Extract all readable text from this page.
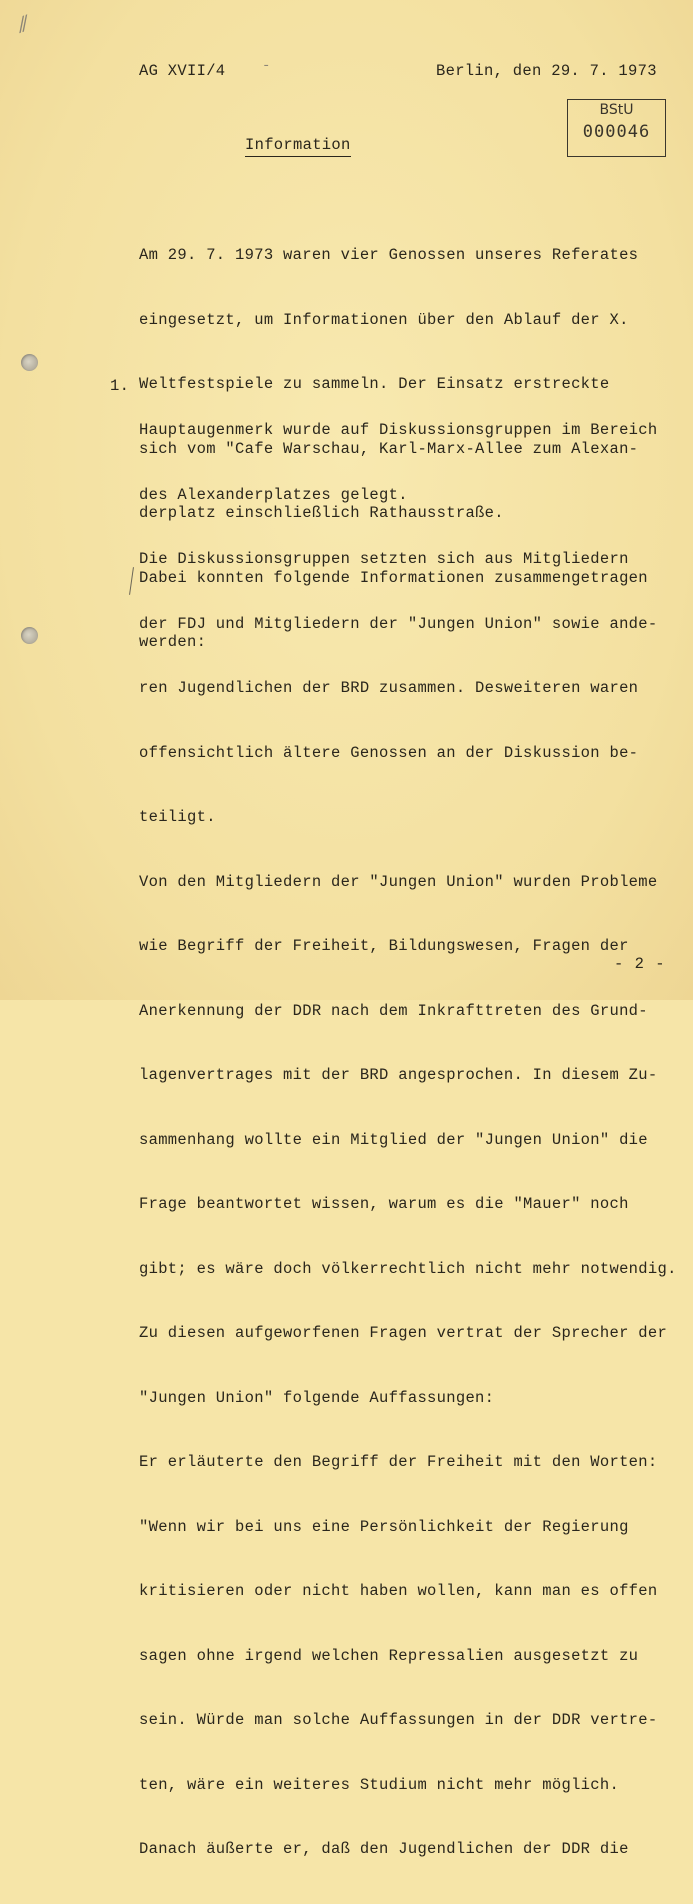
⁄⁄
-
AG XVII/4	Berlin, den 29. 7. 1973
BStU
000046
Information

Am 29. 7. 1973 waren vier Genossen unseres Referates

eingesetzt, um Informationen über den Ablauf der X.

Weltfestspiele zu sammeln. Der Einsatz erstreckte

sich vom "Cafe Warschau, Karl-Marx-Allee zum Alexan-

derplatz einschließlich Rathausstraße.

Dabei konnten folgende Informationen zusammengetragen

werden:

1.

Hauptaugenmerk wurde auf Diskussionsgruppen im Bereich

des Alexanderplatzes gelegt.

Die Diskussionsgruppen setzten sich aus Mitgliedern

der FDJ und Mitgliedern der "Jungen Union" sowie ande-

ren Jugendlichen der BRD zusammen. Desweiteren waren

offensichtlich ältere Genossen an der Diskussion be-

teiligt.

Von den Mitgliedern der "Jungen Union" wurden Probleme

wie Begriff der Freiheit, Bildungswesen, Fragen der

Anerkennung der DDR nach dem Inkrafttreten des Grund-

lagenvertrages mit der BRD angesprochen. In diesem Zu-

sammenhang wollte ein Mitglied der "Jungen Union" die

Frage beantwortet wissen, warum es die "Mauer" noch

gibt; es wäre doch völkerrechtlich nicht mehr notwendig.

Zu diesen aufgeworfenen Fragen vertrat der Sprecher der

"Jungen Union" folgende Auffassungen:

Er erläuterte den Begriff der Freiheit mit den Worten:

"Wenn wir bei uns eine Persönlichkeit der Regierung

kritisieren oder nicht haben wollen, kann man es offen

sagen ohne irgend welchen Repressalien ausgesetzt zu

sein. Würde man solche Auffassungen in der DDR vertre-

ten, wäre ein weiteres Studium nicht mehr möglich.

Danach äußerte er, daß den Jugendlichen der DDR die

- 2 -
